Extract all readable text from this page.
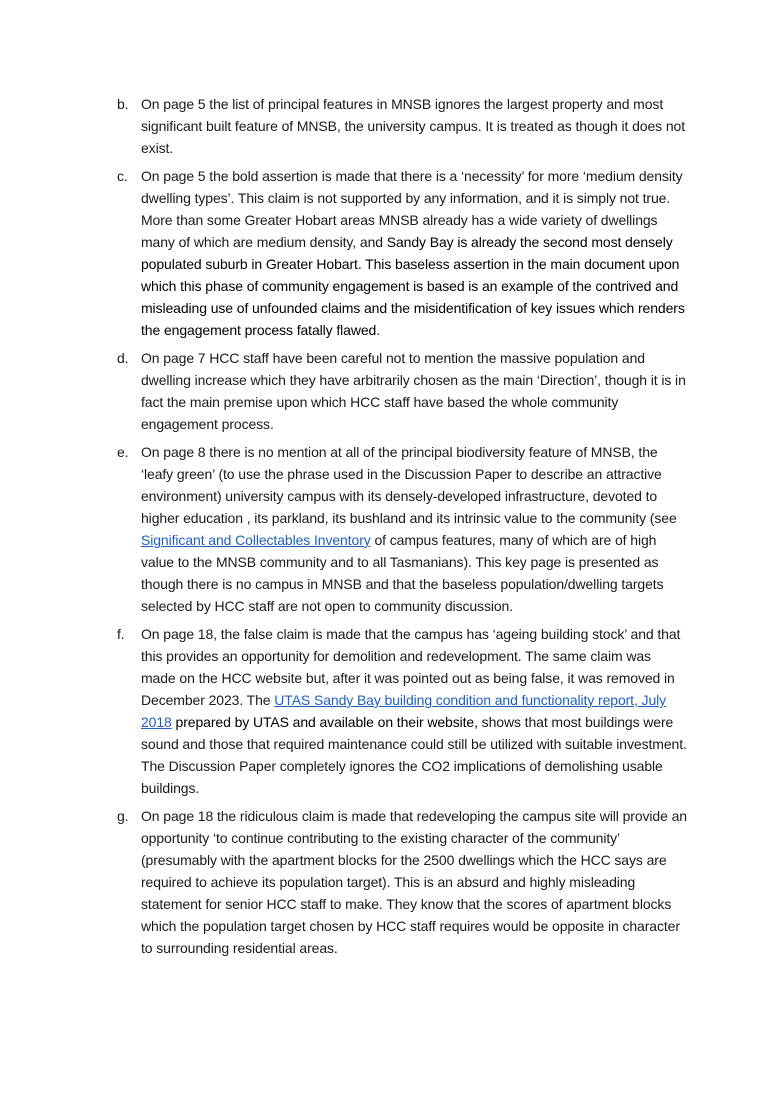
b. On page 5 the list of principal features in MNSB ignores the largest property and most significant built feature of MNSB, the university campus. It is treated as though it does not exist.
c. On page 5 the bold assertion is made that there is a ‘necessity’ for more ‘medium density dwelling types’. This claim is not supported by any information, and it is simply not true. More than some Greater Hobart areas MNSB already has a wide variety of dwellings many of which are medium density, and Sandy Bay is already the second most densely populated suburb in Greater Hobart. This baseless assertion in the main document upon which this phase of community engagement is based is an example of the contrived and misleading use of unfounded claims and the misidentification of key issues which renders the engagement process fatally flawed.
d. On page 7 HCC staff have been careful not to mention the massive population and dwelling increase which they have arbitrarily chosen as the main ‘Direction’, though it is in fact the main premise upon which HCC staff have based the whole community engagement process.
e. On page 8 there is no mention at all of the principal biodiversity feature of MNSB, the ‘leafy green’ (to use the phrase used in the Discussion Paper to describe an attractive environment) university campus with its densely-developed infrastructure, devoted to higher education , its parkland, its bushland and its intrinsic value to the community (see Significant and Collectables Inventory of campus features, many of which are of high value to the MNSB community and to all Tasmanians). This key page is presented as though there is no campus in MNSB and that the baseless population/dwelling targets selected by HCC staff are not open to community discussion.
f.	On page 18, the false claim is made that the campus has ‘ageing building stock’ and that this provides an opportunity for demolition and redevelopment. The same claim was made on the HCC website but, after it was pointed out as being false, it was removed in December 2023. The UTAS Sandy Bay building condition and functionality report, July 2018 prepared by UTAS and available on their website, shows that most buildings were sound and those that required maintenance could still be utilized with suitable investment. The Discussion Paper completely ignores the CO2 implications of demolishing usable buildings.
g. On page 18 the ridiculous claim is made that redeveloping the campus site will provide an opportunity ‘to continue contributing to the existing character of the community’ (presumably with the apartment blocks for the 2500 dwellings which the HCC says are required to achieve its population target). This is an absurd and highly misleading statement for senior HCC staff to make. They know that the scores of apartment blocks which the population target chosen by HCC staff requires would be opposite in character to surrounding residential areas.
